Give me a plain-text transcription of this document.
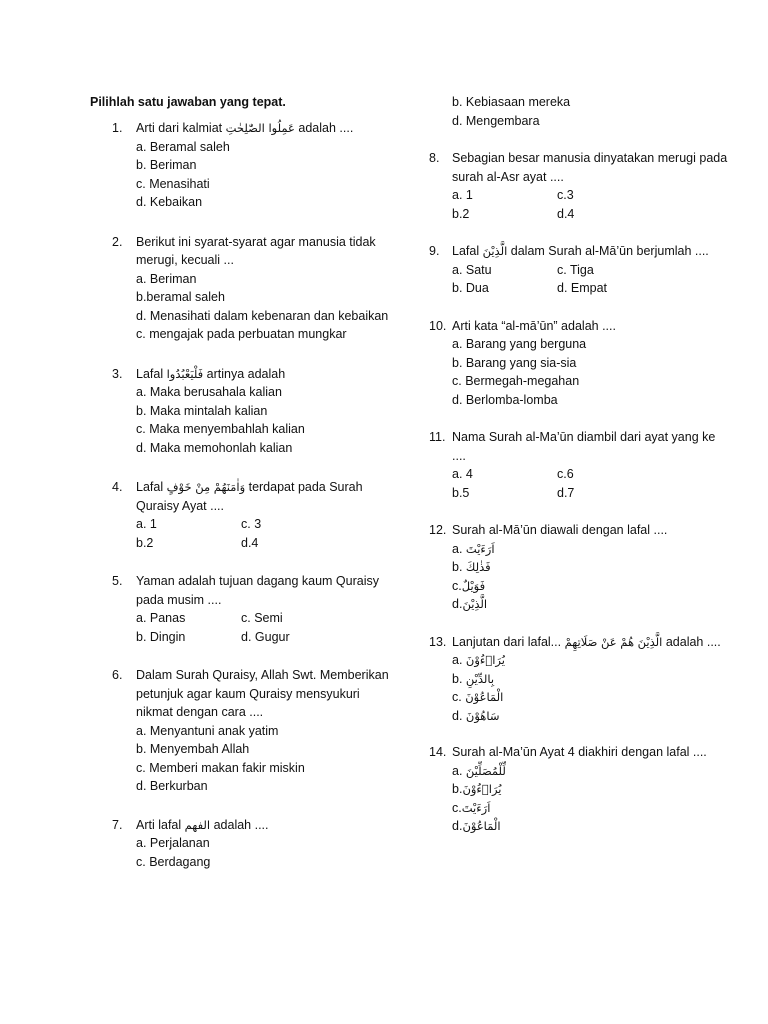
Pilihlah satu jawaban yang tepat.
1. Arti dari kalmiat عَمِلُوا الصّٰلِحٰتِ adalah ....
a. Beramal saleh
b. Beriman
c. Menasihati
d. Kebaikan
2. Berikut ini syarat-syarat agar manusia tidak merugi, kecuali ...
a. Beriman
b.beramal saleh
d. Menasihati dalam kebenaran dan kebaikan
c. mengajak pada perbuatan mungkar
3. Lafal فَلْيَعْبُدُوا artinya adalah
a. Maka berusahala kalian
b. Maka mintalah kalian
c. Maka menyembahlah kalian
d. Maka memohonlah kalian
4. Lafal وَاٰمَنَهُمْ مِنْ خَوْفٍ terdapat pada Surah Quraisy Ayat ....
a. 1	c. 3
b.2	d.4
5. Yaman adalah tujuan dagang kaum Quraisy pada musim ....
a. Panas	c. Semi
b. Dingin	d. Gugur
6. Dalam Surah Quraisy, Allah Swt. Memberikan petunjuk agar kaum Quraisy mensyukuri nikmat dengan cara ....
a. Menyantuni anak yatim
b. Menyembah Allah
c. Memberi makan fakir miskin
d. Berkurban
7. Arti lafal الفهم adalah ....
a. Perjalanan
c. Berdagang
b. Kebiasaan mereka
d. Mengembara
8. Sebagian besar manusia dinyatakan merugi pada surah al-Asr ayat ....
a. 1	c.3
b.2	d.4
9. Lafal الَّذِيْنَ dalam Surah al-Mā’ūn berjumlah ....
a. Satu	c. Tiga
b. Dua	d. Empat
10. Arti kata “al-mā’ūn” adalah ....
a. Barang yang berguna
b. Barang yang sia-sia
c. Bermegah-megahan
d. Berlomba-lomba
11. Nama Surah al-Ma’ūn diambil dari ayat yang ke ....
a. 4	c.6
b.5	d.7
12. Surah al-Mā’ūn diawali dengan lafal ....
a. اَرَءَيْتَ
b. فَذٰلِكَ
c.فَوَيْلٌ
d.الَّذِيْنَ
13. Lanjutan dari lafal... الَّذِيْنَ هُمْ عَنْ صَلَاتِهِمْ adalah ....
a. يُرَاۤءُوْنَ
b. بِالدِّيْنِ
c. الْمَاعُوْنَ
d. سَاهُوْنَ
14. Surah al-Ma’ūn Ayat 4 diakhiri dengan lafal ....
a. لِّلْمُصَلِّيْنَ
b.يُرَاۤءُوْنَ
c.اَرَءَيْتَ
d.الْمَاعُوْنَ
